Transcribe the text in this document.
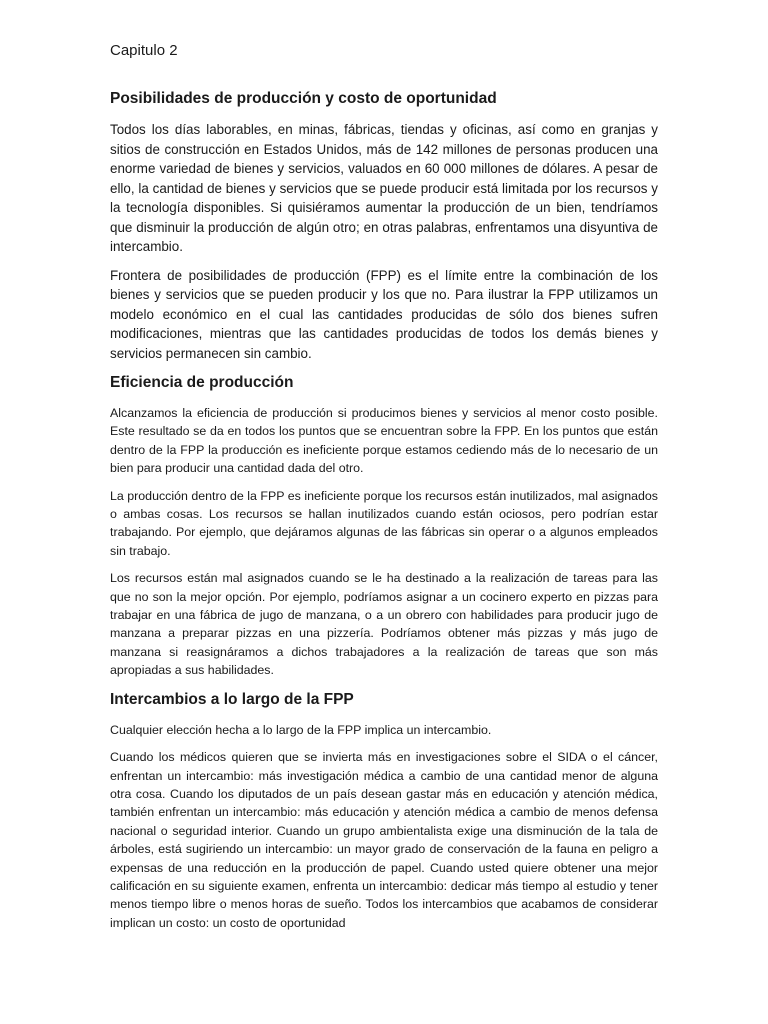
Capitulo 2
Posibilidades de producción y costo de oportunidad

Todos los días laborables, en minas, fábricas, tiendas y oficinas, así como en granjas y sitios de construcción en Estados Unidos, más de 142 millones de personas producen una enorme variedad de bienes y servicios, valuados en 60 000 millones de dólares. A pesar de ello, la cantidad de bienes y servicios que se puede producir está limitada por los recursos y la tecnología disponibles. Si quisiéramos aumentar la producción de un bien, tendríamos que disminuir la producción de algún otro; en otras palabras, enfrentamos una disyuntiva de intercambio.

Frontera de posibilidades de producción (FPP) es el límite entre la combinación de los bienes y servicios que se pueden producir y los que no. Para ilustrar la FPP utilizamos un modelo económico en el cual las cantidades producidas de sólo dos bienes sufren modificaciones, mientras que las cantidades producidas de todos los demás bienes y servicios permanecen sin cambio.

Eficiencia de producción

Alcanzamos la eficiencia de producción si producimos bienes y servicios al menor costo posible. Este resultado se da en todos los puntos que se encuentran sobre la FPP. En los puntos que están dentro de la FPP la producción es ineficiente porque estamos cediendo más de lo necesario de un bien para producir una cantidad dada del otro.

La producción dentro de la FPP es ineficiente porque los recursos están inutilizados, mal asignados o ambas cosas. Los recursos se hallan inutilizados cuando están ociosos, pero podrían estar trabajando. Por ejemplo, que dejáramos algunas de las fábricas sin operar o a algunos empleados sin trabajo.

Los recursos están mal asignados cuando se le ha destinado a la realización de tareas para las que no son la mejor opción. Por ejemplo, podríamos asignar a un cocinero experto en pizzas para trabajar en una fábrica de jugo de manzana, o a un obrero con habilidades para producir jugo de manzana a preparar pizzas en una pizzería. Podríamos obtener más pizzas y más jugo de manzana si reasignáramos a dichos trabajadores a la realización de tareas que son más apropiadas a sus habilidades.

Intercambios a lo largo de la FPP

Cualquier elección hecha a lo largo de la FPP implica un intercambio.

Cuando los médicos quieren que se invierta más en investigaciones sobre el SIDA o el cáncer, enfrentan un intercambio: más investigación médica a cambio de una cantidad menor de alguna otra cosa. Cuando los diputados de un país desean gastar más en educación y atención médica, también enfrentan un intercambio: más educación y atención médica a cambio de menos defensa nacional o seguridad interior. Cuando un grupo ambientalista exige una disminución de la tala de árboles, está sugiriendo un intercambio: un mayor grado de conservación de la fauna en peligro a expensas de una reducción en la producción de papel. Cuando usted quiere obtener una mejor calificación en su siguiente examen, enfrenta un intercambio: dedicar más tiempo al estudio y tener menos tiempo libre o menos horas de sueño. Todos los intercambios que acabamos de considerar implican un costo: un costo de oportunidad
